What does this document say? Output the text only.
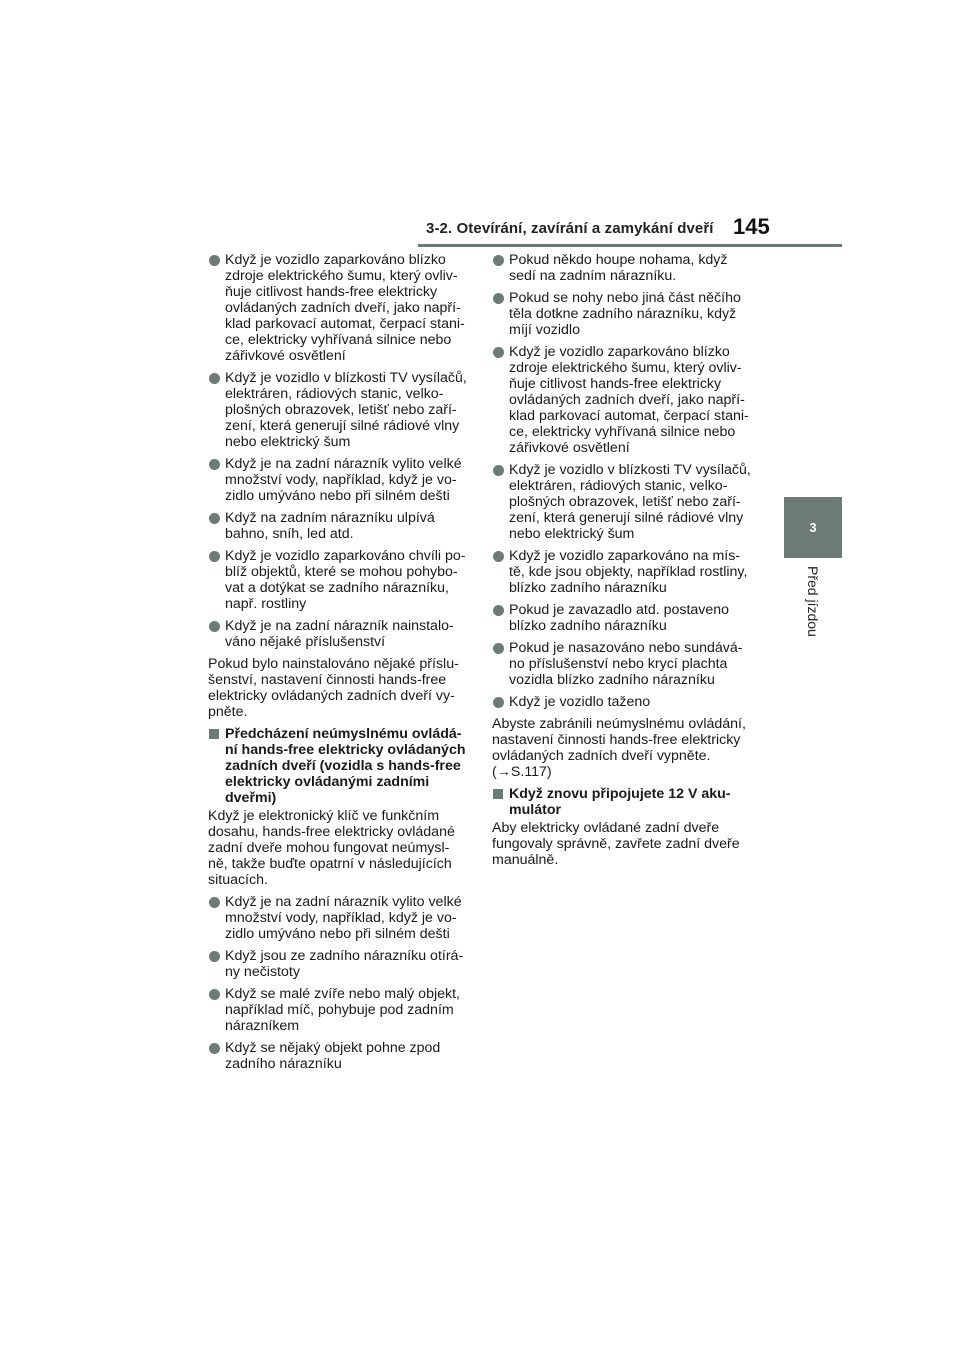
3-2. Otevírání, zavírání a zamykání dveří 145
3
Před jízdou
Když je vozidlo zaparkováno blízko
zdroje elektrického šumu, který ovliv-
ňuje citlivost hands-free elektricky
ovládaných zadních dveří, jako napří-
klad parkovací automat, čerpací stani-
ce, elektricky vyhřívaná silnice nebo
zářivkové osvětlení
Když je vozidlo v blízkosti TV vysílačů,
elektráren, rádiových stanic, velko-
plošných obrazovek, letišť nebo zaří-
zení, která generují silné rádiové vlny
nebo elektrický šum
Když je na zadní nárazník vylito velké
množství vody, například, když je vo-
zidlo umýváno nebo při silném dešti
Když na zadním nárazníku ulpívá
bahno, sníh, led atd.
Když je vozidlo zaparkováno chvíli po-
blíž objektů, které se mohou pohybo-
vat a dotýkat se zadního nárazníku,
např. rostliny
Když je na zadní nárazník nainstalo-
váno nějaké příslušenství
Pokud bylo nainstalováno nějaké příslu-
šenství, nastavení činnosti hands-free
elektricky ovládaných zadních dveří vy-
pněte.
Předcházení neúmyslnému ovládá-
ní hands-free elektricky ovládaných
zadních dveří (vozidla s hands-free
elektricky ovládanými zadními
dveřmi)
Když je elektronický klíč ve funkčním
dosahu, hands-free elektricky ovládané
zadní dveře mohou fungovat neúmysl-
ně, takže buďte opatrní v následujících
situacích.
Když je na zadní nárazník vylito velké
množství vody, například, když je vo-
zidlo umýváno nebo při silném dešti
Když jsou ze zadního nárazníku otírá-
ny nečistoty
Když se malé zvíře nebo malý objekt,
například míč, pohybuje pod zadním
nárazníkem
Když se nějaký objekt pohne zpod
zadního nárazníku
Pokud někdo houpe nohama, když
sedí na zadním nárazníku.
Pokud se nohy nebo jiná část něčího
těla dotkne zadního nárazníku, když
míjí vozidlo
Když je vozidlo zaparkováno blízko
zdroje elektrického šumu, který ovliv-
ňuje citlivost hands-free elektricky
ovládaných zadních dveří, jako napří-
klad parkovací automat, čerpací stani-
ce, elektricky vyhřívaná silnice nebo
zářivkové osvětlení
Když je vozidlo v blízkosti TV vysílačů,
elektráren, rádiových stanic, velko-
plošných obrazovek, letišť nebo zaří-
zení, která generují silné rádiové vlny
nebo elektrický šum
Když je vozidlo zaparkováno na mís-
tě, kde jsou objekty, například rostliny,
blízko zadního nárazníku
Pokud je zavazadlo atd. postaveno
blízko zadního nárazníku
Pokud je nasazováno nebo sundává-
no příslušenství nebo krycí plachta
vozidla blízko zadního nárazníku
Když je vozidlo taženo
Abyste zabránili neúmyslnému ovládání,
nastavení činnosti hands-free elektricky
ovládaných zadních dveří vypněte.
(→S.117)
Když znovu připojujete 12 V aku-
mulátor
Aby elektricky ovládané zadní dveře
fungovaly správně, zavřete zadní dveře
manuálně.
